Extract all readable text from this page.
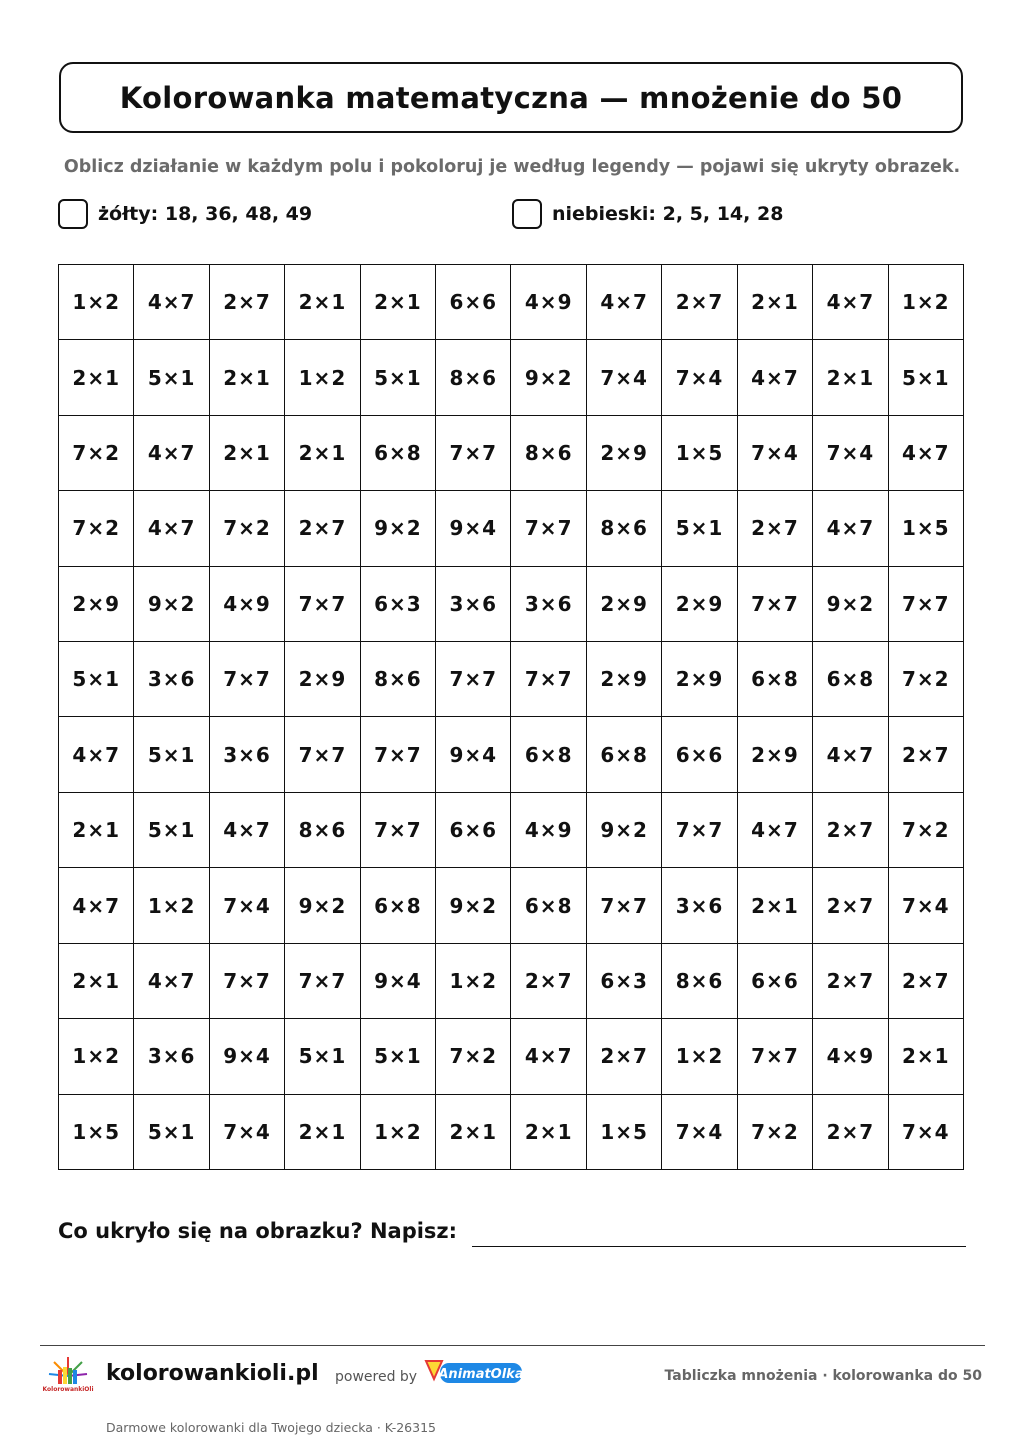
Kolorowanka matematyczna — mnożenie do 50
Oblicz działanie w każdym polu i pokoloruj je według legendy — pojawi się ukryty obrazek.
żółty: 18, 36, 48, 49	niebieski: 2, 5, 14, 28
1×2	4×7	2×7	2×1	2×1	6×6	4×9	4×7	2×7	2×1	4×7	1×2
2×1	5×1	2×1	1×2	5×1	8×6	9×2	7×4	7×4	4×7	2×1	5×1
7×2	4×7	2×1	2×1	6×8	7×7	8×6	2×9	1×5	7×4	7×4	4×7
7×2	4×7	7×2	2×7	9×2	9×4	7×7	8×6	5×1	2×7	4×7	1×5
2×9	9×2	4×9	7×7	6×3	3×6	3×6	2×9	2×9	7×7	9×2	7×7
5×1	3×6	7×7	2×9	8×6	7×7	7×7	2×9	2×9	6×8	6×8	7×2
4×7	5×1	3×6	7×7	7×7	9×4	6×8	6×8	6×6	2×9	4×7	2×7
2×1	5×1	4×7	8×6	7×7	6×6	4×9	9×2	7×7	4×7	2×7	7×2
4×7	1×2	7×4	9×2	6×8	9×2	6×8	7×7	3×6	2×1	2×7	7×4
2×1	4×7	7×7	7×7	9×4	1×2	2×7	6×3	8×6	6×6	2×7	2×7
1×2	3×6	9×4	5×1	5×1	7×2	4×7	2×7	1×2	7×7	4×9	2×1
1×5	5×1	7×4	2×1	1×2	2×1	2×1	1×5	7×4	7×2	2×7	7×4
Co ukryło się na obrazku? Napisz:
KolorowankiOli
kolorowankioli.pl powered by AnimatOlka	Tabliczka mnożenia · kolorowanka do 50
Darmowe kolorowanki dla Twojego dziecka · K-26315
